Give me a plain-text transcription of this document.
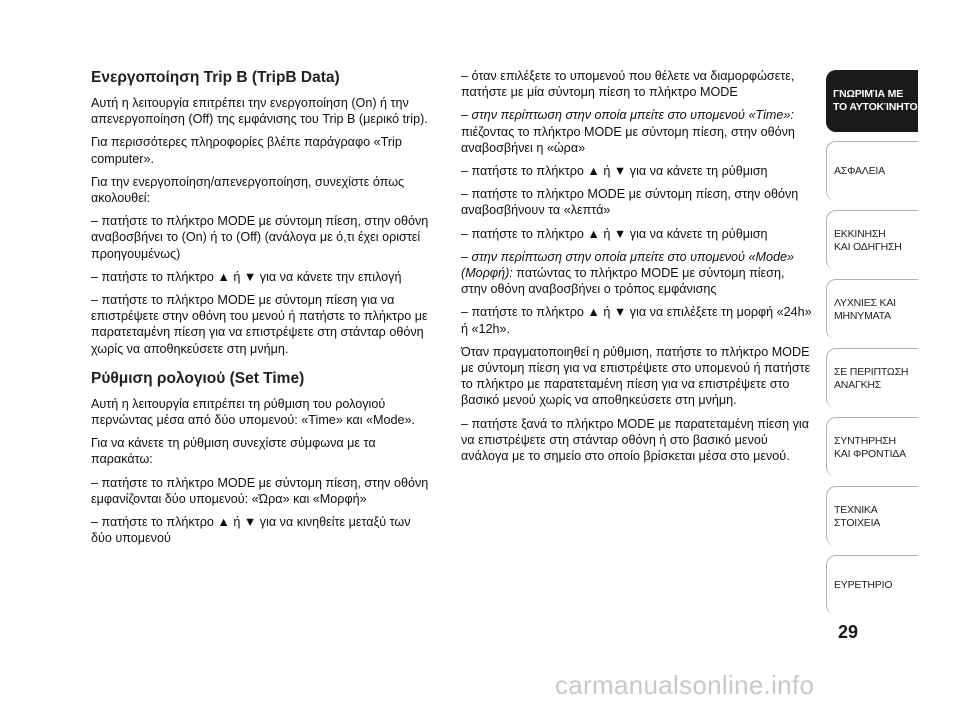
Ενεργοποίηση Trip B (TripB Data)

Αυτή η λειτουργία επιτρέπει την ενεργοποίηση (On) ή την απενεργοποίηση (Off) της εμφάνισης του Trip B (μερικό trip).

Για περισσότερες πληροφορίες βλέπε παράγραφο «Trip computer».

Για την ενεργοποίηση/απενεργοποίηση, συνεχίστε όπως ακολουθεί:

– πατήστε το πλήκτρο MODE με σύντομη πίεση, στην οθόνη αναβοσβήνει το (On) ή το (Off) (ανάλογα με ό,τι έχει οριστεί προηγουμένως)

– πατήστε το πλήκτρο ▲ ή ▼ για να κάνετε την επιλογή

– πατήστε το πλήκτρο MODE με σύντομη πίεση για να επιστρέψετε στην οθόνη του μενού ή πατήστε το πλήκτρο με παρατεταμένη πίεση για να επιστρέψετε στη στάνταρ οθόνη χωρίς να αποθηκεύσετε στη μνήμη.

Ρύθμιση ρολογιού (Set Time)

Αυτή η λειτουργία επιτρέπει τη ρύθμιση του ρολογιού περνώντας μέσα από δύο υπομενού: «Time» και «Mode».

Για να κάνετε τη ρύθμιση συνεχίστε σύμφωνα με τα παρακάτω:

– πατήστε το πλήκτρο MODE με σύντομη πίεση, στην οθόνη εμφανίζονται δύο υπομενού: «Ώρα» και «Μορφή»

– πατήστε το πλήκτρο ▲ ή ▼ για να κινηθείτε μεταξύ των δύο υπομενού

– όταν επιλέξετε το υπομενού που θέλετε να διαμορφώσετε, πατήστε με μία σύντομη πίεση το πλήκτρο MODE

– στην περίπτωση στην οποία μπείτε στο υπομενού «Time»:
πιέζοντας το πλήκτρο MODE με σύντομη πίεση, στην οθόνη αναβοσβήνει η «ώρα»

– πατήστε το πλήκτρο ▲ ή ▼ για να κάνετε τη ρύθμιση

– πατήστε το πλήκτρο MODE με σύντομη πίεση, στην οθόνη αναβοσβήνουν τα «λεπτά»

– πατήστε το πλήκτρο ▲ ή ▼ για να κάνετε τη ρύθμιση

– στην περίπτωση στην οποία μπείτε στο υπομενού «Mode» (Μορφή): πατώντας το πλήκτρο MODE με σύντομη πίεση, στην οθόνη αναβοσβήνει ο τρόπος εμφάνισης

– πατήστε το πλήκτρο ▲ ή ▼ για να επιλέξετε τη μορφή «24h» ή «12h».

Όταν πραγματοποιηθεί η ρύθμιση, πατήστε το πλήκτρο MODE με σύντομη πίεση για να επιστρέψετε στο υπομενού ή πατήστε το πλήκτρο με παρατεταμένη πίεση για να επιστρέψετε στο βασικό μενού χωρίς να αποθηκεύσετε στη μνήμη.

– πατήστε ξανά το πλήκτρο MODE με παρατεταμένη πίεση για να επιστρέψετε στη στάνταρ οθόνη ή στο βασικό μενού ανάλογα με το σημείο στο οποίο βρίσκεται μέσα στο μενού.

ΓΝΩΡΙΜΊΑ ΜΕ
ΤΟ ΑΥΤΟΚΊΝΗΤΟ
ΑΣΦΑΛΕΙΑ
ΕΚΚΙΝΗΣΗ
ΚΑΙ ΟΔΗΓΗΣΗ
ΛΥΧΝΙΕΣ ΚΑΙ
ΜΗΝΥΜΑΤΑ
ΣΕ ΠΕΡΙΠΤΩΣΗ
ΑΝΑΓΚΗΣ
ΣΥΝΤΗΡΗΣΗ
ΚΑΙ ΦΡΟΝΤΙΔΑ
ΤΕΧΝΙΚΑ
ΣΤΟΙΧΕΙΑ
ΕΥΡΕΤΗΡΙΟ
29
carmanualsonline.info
